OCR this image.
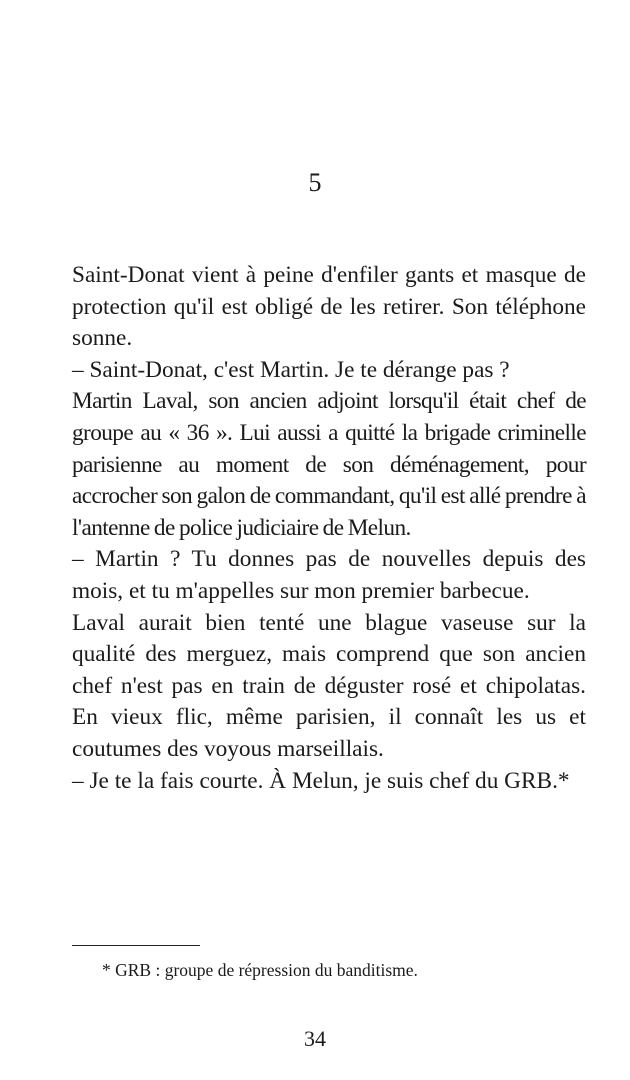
5

Saint-Donat vient à peine d'enfiler gants et masque de protection qu'il est obligé de les retirer. Son téléphone sonne.

– Saint-Donat, c'est Martin. Je te dérange pas ?

Martin Laval, son ancien adjoint lorsqu'il était chef de groupe au « 36 ». Lui aussi a quitté la brigade criminelle parisienne au moment de son déménagement, pour accrocher son galon de commandant, qu'il est allé prendre à l'antenne de police judiciaire de Melun.

– Martin ? Tu donnes pas de nouvelles depuis des mois, et tu m'appelles sur mon premier barbecue.

Laval aurait bien tenté une blague vaseuse sur la qualité des merguez, mais comprend que son ancien chef n'est pas en train de déguster rosé et chipolatas. En vieux flic, même parisien, il connaît les us et coutumes des voyous marseillais.

– Je te la fais courte. À Melun, je suis chef du GRB.*

* GRB : groupe de répression du banditisme.
34
